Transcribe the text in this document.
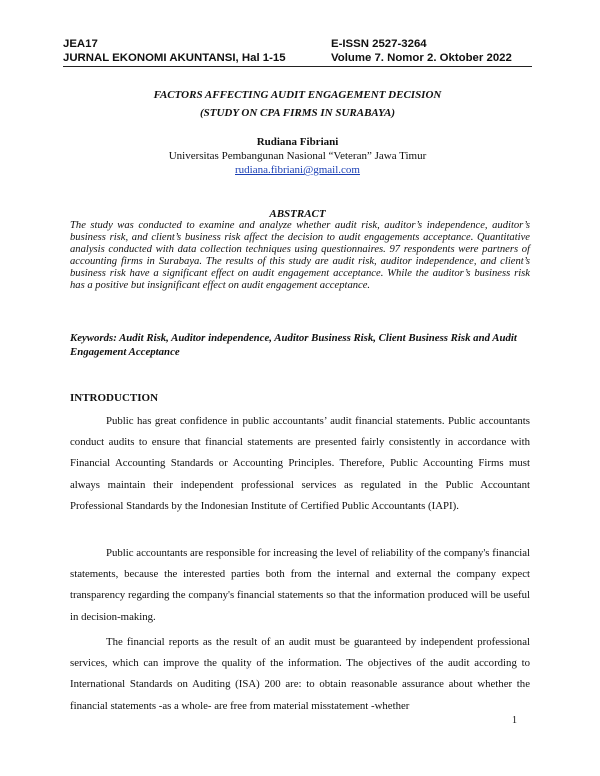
JEA17
JURNAL EKONOMI AKUNTANSI, Hal 1-15
E-ISSN 2527-3264
Volume 7. Nomor 2. Oktober 2022
FACTORS AFFECTING AUDIT ENGAGEMENT DECISION
(STUDY ON CPA FIRMS IN SURABAYA)
Rudiana Fibriani
Universitas Pembangunan Nasional “Veteran” Jawa Timur
rudiana.fibriani@gmail.com
ABSTRACT
The study was conducted to examine and analyze whether audit risk, auditor’s independence, auditor’s business risk, and client’s business risk affect the decision to audit engagements acceptance. Quantitative analysis conducted with data collection techniques using questionnaires. 97 respondents were partners of accounting firms in Surabaya. The results of this study are audit risk, auditor independence, and client’s business risk have a significant effect on audit engagement acceptance. While the auditor’s business risk has a positive but insignificant effect on audit engagement acceptance.
Keywords: Audit Risk, Auditor independence, Auditor Business Risk, Client Business Risk and Audit Engagement Acceptance
INTRODUCTION
Public has great confidence in public accountants’ audit financial statements. Public accountants conduct audits to ensure that financial statements are presented fairly consistently in accordance with Financial Accounting Standards or Accounting Principles. Therefore, Public Accounting Firms must always maintain their independent professional services as regulated in the Public Accountant Professional Standards by the Indonesian Institute of Certified Public Accountants (IAPI).
Public accountants are responsible for increasing the level of reliability of the company's financial statements, because the interested parties both from the internal and external the company expect transparency regarding the company's financial statements so that the information produced will be useful in decision-making.
The financial reports as the result of an audit must be guaranteed by independent professional services, which can improve the quality of the information. The objectives of the audit according to International Standards on Auditing (ISA) 200 are: to obtain reasonable assurance about whether the financial statements -as a whole- are free from material misstatement -whether
1
